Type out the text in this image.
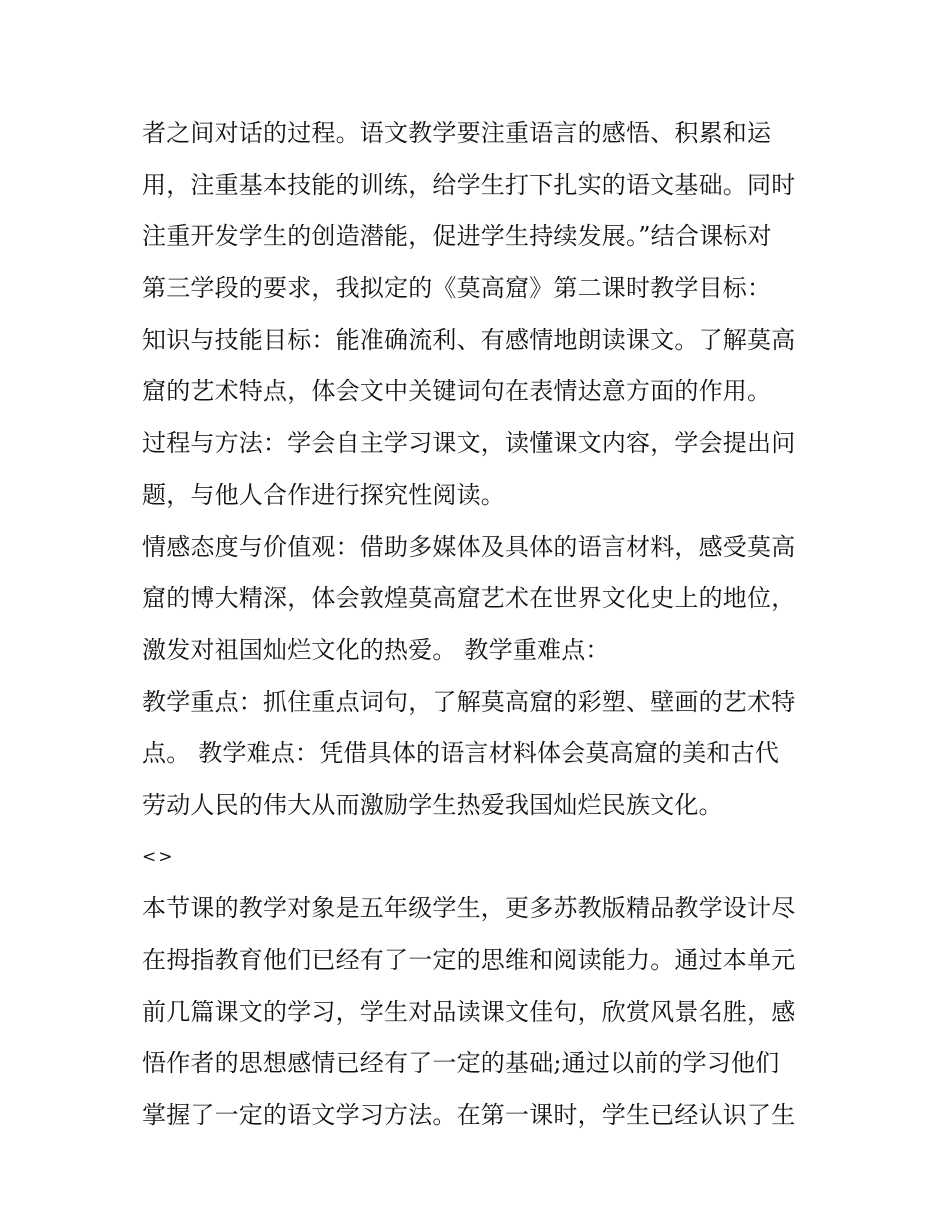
者之间对话的过程。语文教学要注重语言的感悟、积累和运
用，注重基本技能的训练，给学生打下扎实的语文基础。同时
注重开发学生的创造潜能，促进学生持续发展。”结合课标对
第三学段的要求，我拟定的《莫高窟》第二课时教学目标：
知识与技能目标：能准确流利、有感情地朗读课文。了解莫高
窟的艺术特点，体会文中关键词句在表情达意方面的作用。
过程与方法：学会自主学习课文，读懂课文内容，学会提出问
题，与他人合作进行探究性阅读。
情感态度与价值观：借助多媒体及具体的语言材料，感受莫高
窟的博大精深，体会敦煌莫高窟艺术在世界文化史上的地位，
激发对祖国灿烂文化的热爱。 教学重难点：
教学重点：抓住重点词句，了解莫高窟的彩塑、壁画的艺术特
点。 教学难点：凭借具体的语言材料体会莫高窟的美和古代
劳动人民的伟大从而激励学生热爱我国灿烂民族文化。
<>
本节课的教学对象是五年级学生，更多苏教版精品教学设计尽
在拇指教育他们已经有了一定的思维和阅读能力。通过本单元
前几篇课文的学习，学生对品读课文佳句，欣赏风景名胜，感
悟作者的思想感情已经有了一定的基础;通过以前的学习他们
掌握了一定的语文学习方法。在第一课时，学生已经认识了生
